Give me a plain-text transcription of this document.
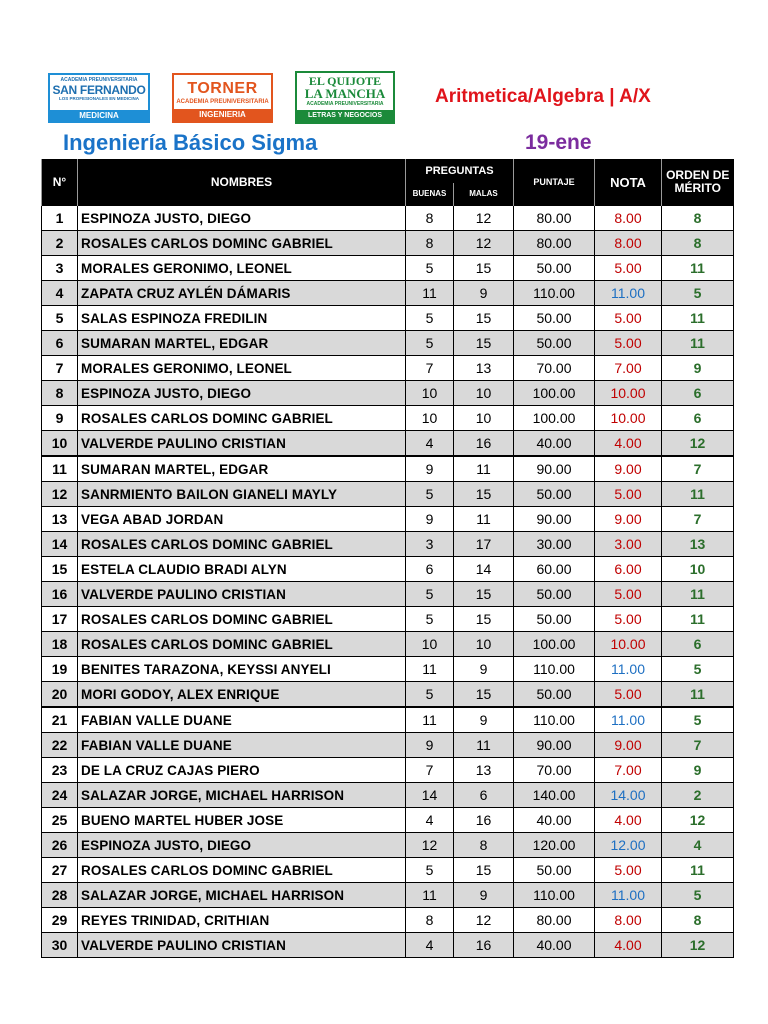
ACADEMIA PREUNIVERSITARIA
SAN FERNANDO
LOS PROFESIONALES EN MEDICINA
MEDICINA
TORNER
ACADEMIA PREUNIVERSITARIA
INGENIERIA
EL QUIJOTE
LA MANCHA
ACADEMIA PREUNIVERSITARIA
LETRAS Y NEGOCIOS
Aritmetica/Algebra | A/X
Ingeniería Básico Sigma	19-ene
N°	NOMBRES	PREGUNTAS		PUNTAJE	NOTA	ORDEN DE MÉRITO
		BUENAS	MALAS			
1	ESPINOZA JUSTO, DIEGO	8	12	80.00	8.00	8
2	ROSALES CARLOS DOMINC GABRIEL	8	12	80.00	8.00	8
3	MORALES GERONIMO, LEONEL	5	15	50.00	5.00	11
4	ZAPATA CRUZ AYLÉN DÁMARIS	11	9	110.00	11.00	5
5	SALAS ESPINOZA FREDILIN	5	15	50.00	5.00	11
6	SUMARAN MARTEL, EDGAR	5	15	50.00	5.00	11
7	MORALES GERONIMO, LEONEL	7	13	70.00	7.00	9
8	ESPINOZA JUSTO, DIEGO	10	10	100.00	10.00	6
9	ROSALES CARLOS DOMINC GABRIEL	10	10	100.00	10.00	6
10	VALVERDE PAULINO CRISTIAN	4	16	40.00	4.00	12
11	SUMARAN MARTEL, EDGAR	9	11	90.00	9.00	7
12	SANRMIENTO BAILON GIANELI MAYLY	5	15	50.00	5.00	11
13	VEGA ABAD JORDAN	9	11	90.00	9.00	7
14	ROSALES CARLOS DOMINC GABRIEL	3	17	30.00	3.00	13
15	ESTELA CLAUDIO BRADI ALYN	6	14	60.00	6.00	10
16	VALVERDE PAULINO CRISTIAN	5	15	50.00	5.00	11
17	ROSALES CARLOS DOMINC GABRIEL	5	15	50.00	5.00	11
18	ROSALES CARLOS DOMINC GABRIEL	10	10	100.00	10.00	6
19	BENITES TARAZONA, KEYSSI ANYELI	11	9	110.00	11.00	5
20	MORI GODOY, ALEX ENRIQUE	5	15	50.00	5.00	11
21	FABIAN VALLE DUANE	11	9	110.00	11.00	5
22	FABIAN VALLE DUANE	9	11	90.00	9.00	7
23	DE LA CRUZ CAJAS PIERO	7	13	70.00	7.00	9
24	SALAZAR JORGE, MICHAEL HARRISON	14	6	140.00	14.00	2
25	BUENO MARTEL HUBER JOSE	4	16	40.00	4.00	12
26	ESPINOZA JUSTO, DIEGO	12	8	120.00	12.00	4
27	ROSALES CARLOS DOMINC GABRIEL	5	15	50.00	5.00	11
28	SALAZAR JORGE, MICHAEL HARRISON	11	9	110.00	11.00	5
29	REYES TRINIDAD, CRITHIAN	8	12	80.00	8.00	8
30	VALVERDE PAULINO CRISTIAN	4	16	40.00	4.00	12
